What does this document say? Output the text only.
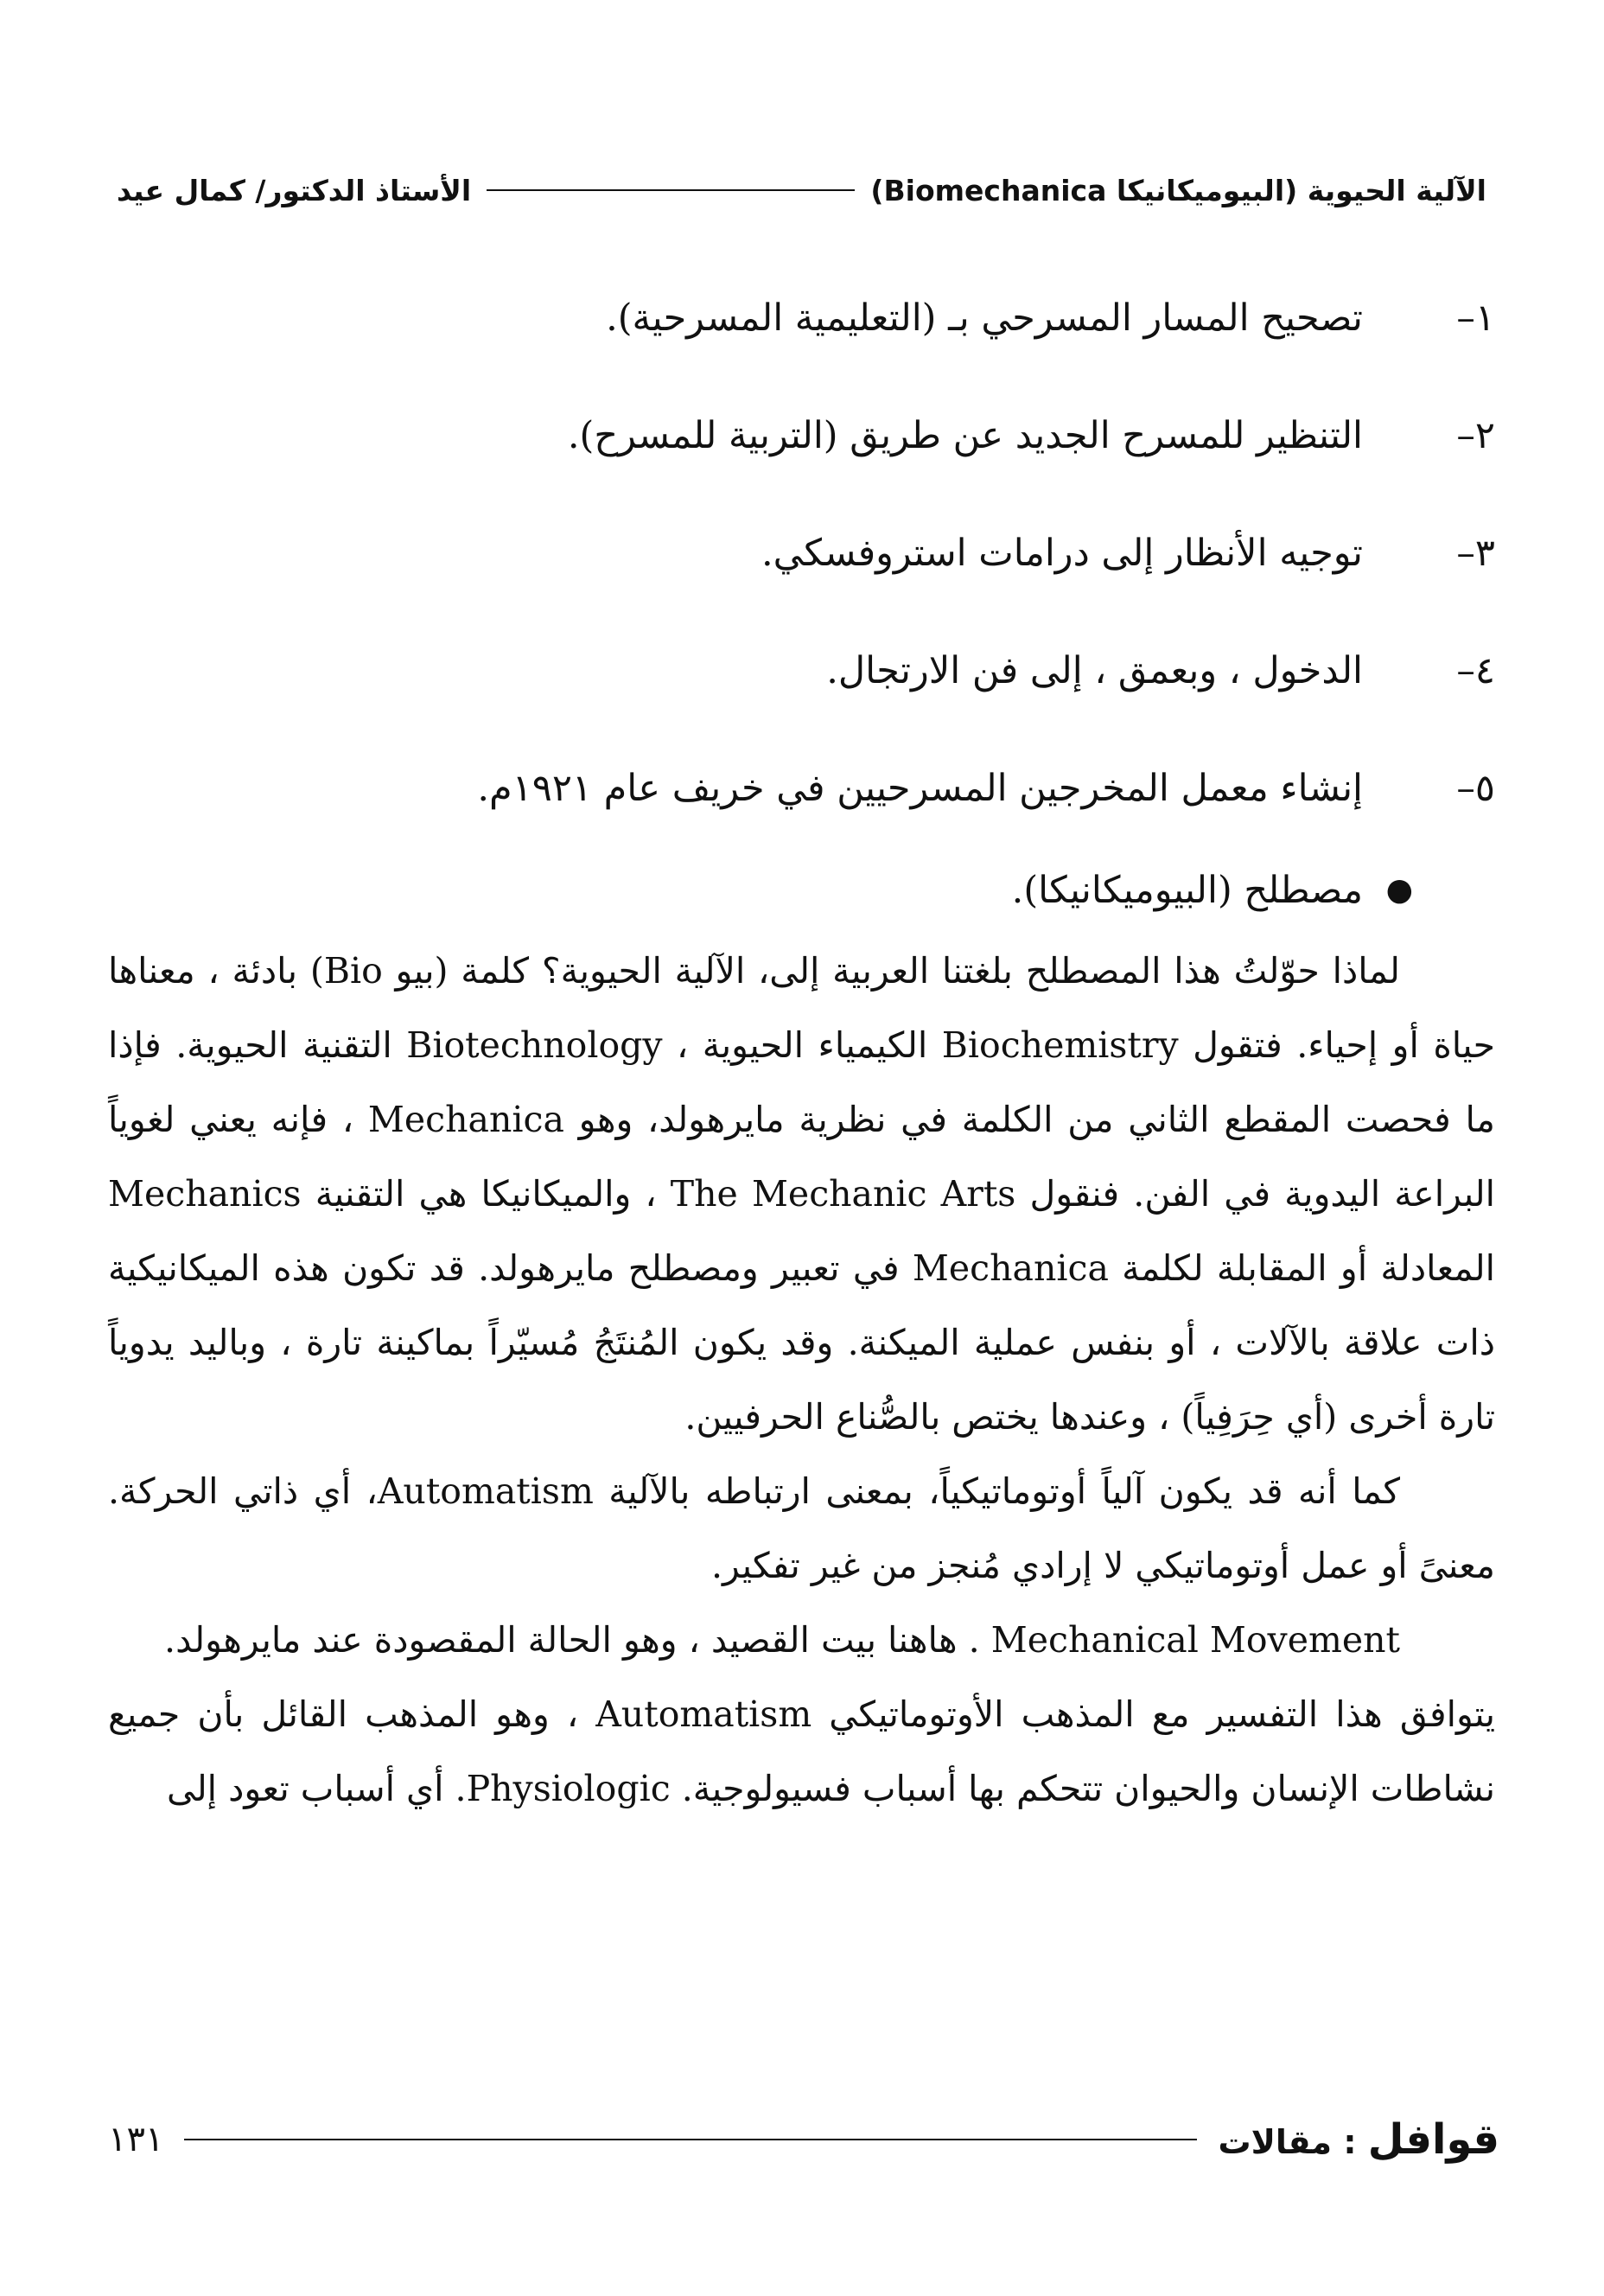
الآلية الحيوية (البيوميكانيكا Biomechanica)
الأستاذ الدكتور/ كمال عيد
١–
تصحيح المسار المسرحي بـ (التعليمية المسرحية).
٢–
التنظير للمسرح الجديد عن طريق (التربية للمسرح).
٣–
توجيه الأنظار إلى درامات استروفسكي.
٤–
الدخول ، وبعمق ، إلى فن الارتجال.
٥–
إنشاء معمل المخرجين المسرحيين في خريف عام ١٩٢١م.
●
مصطلح (البيوميكانيكا).

لماذا حوّلتُ هذا المصطلح بلغتنا العربية إلى، الآلية الحيوية؟ كلمة (بيو Bio) بادئة ، معناها حياة أو إحياء. فتقول Biochemistry الكيمياء الحيوية ، Biotechnology التقنية الحيوية. فإذا ما فحصت المقطع الثاني من الكلمة في نظرية مايرهولد، وهو Mechanica ، فإنه يعني لغوياً البراعة اليدوية في الفن. فنقول The Mechanic Arts ، والميكانيكا هي التقنية Mechanics المعادلة أو المقابلة لكلمة Mechanica في تعبير ومصطلح مايرهولد. قد تكون هذه الميكانيكية ذات علاقة بالآلات ، أو بنفس عملية الميكنة. وقد يكون المُنتَجُ مُسيّراً بماكينة تارة ، وباليد يدوياً تارة أخرى (أي حِرَفِياً) ، وعندها يختص بالصُّناع الحرفيين.

كما أنه قد يكون آلياً أوتوماتيكياً، بمعنى ارتباطه بالآلية Automatism، أي ذاتي الحركة. معنىً أو عمل أوتوماتيكي لا إرادي مُنجز من غير تفكير.

Mechanical Movement . هاهنا بيت القصيد ، وهو الحالة المقصودة عند مايرهولد.

يتوافق هذا التفسير مع المذهب الأوتوماتيكي Automatism ، وهو المذهب القائل بأن جميع نشاطات الإنسان والحيوان تتحكم بها أسباب فسيولوجية. Physiologic. أي أسباب تعود إلى

قوافل : مقالات
١٣١
